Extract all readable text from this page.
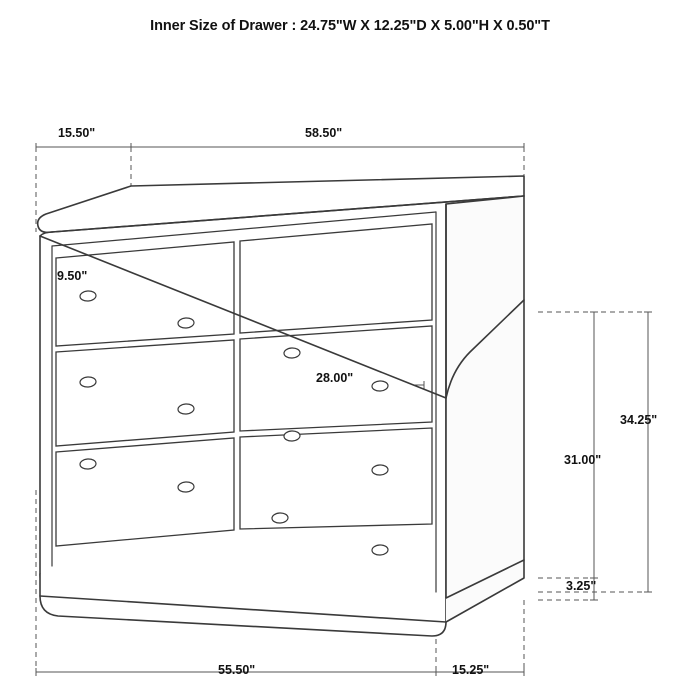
Inner Size of Drawer : 24.75"W X 12.25"D X 5.00"H X 0.50"T
15.50"	58.50"
9.50"
28.00"
34.25"
31.00"
3.25"
55.50"	15.25"
